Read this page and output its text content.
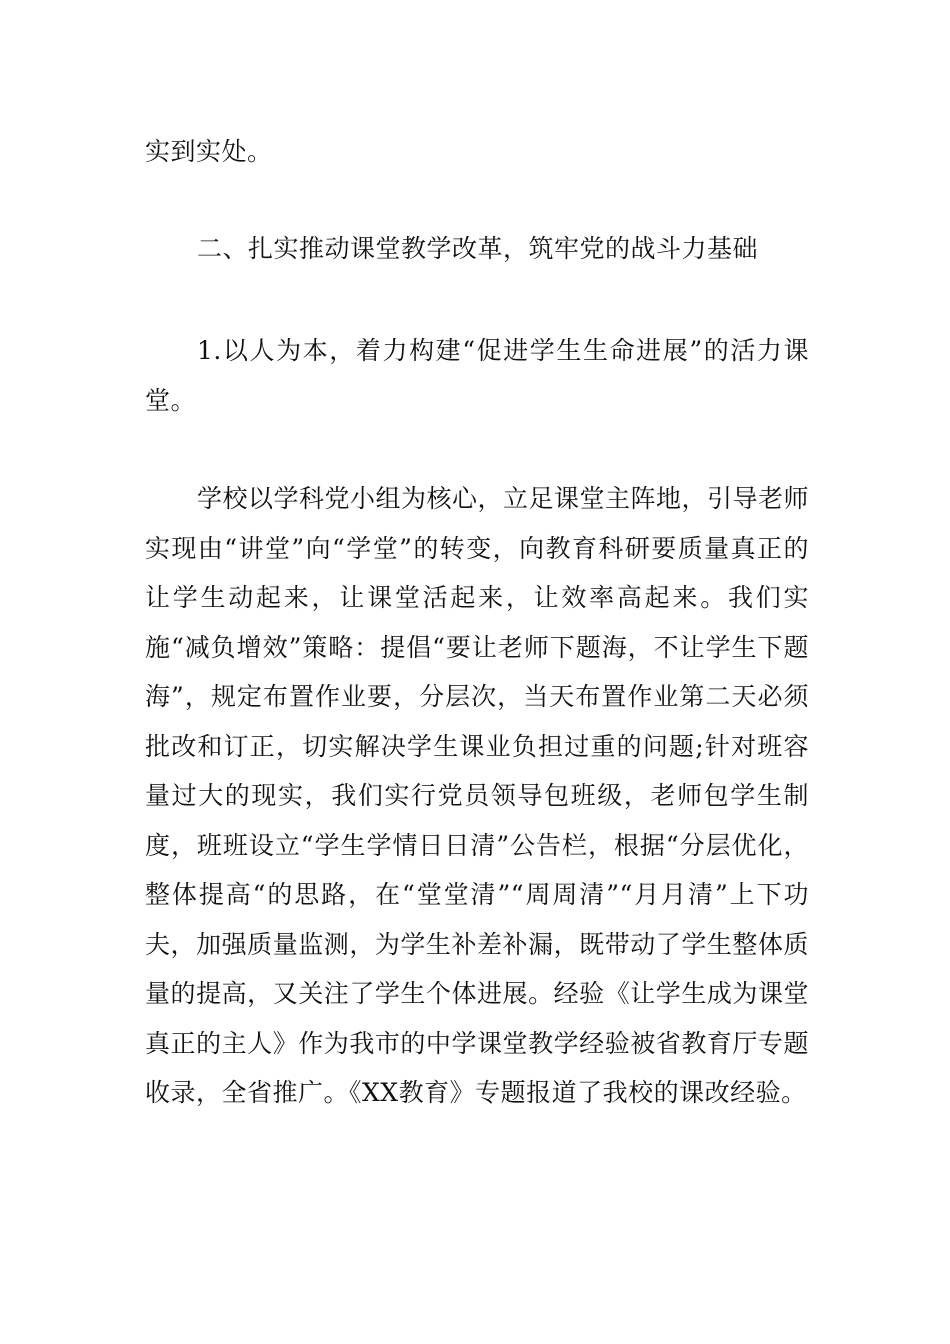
实到实处。

二、扎实推动课堂教学改革，筑牢党的战斗力基础

1.以人为本，着力构建“促进学生生命进展”的活力课堂。

学校以学科党小组为核心，立足课堂主阵地，引导老师实现由“讲堂”向“学堂”的转变，向教育科研要质量真正的让学生动起来，让课堂活起来，让效率高起来。我们实施“减负增效”策略：提倡“要让老师下题海，不让学生下题海”，规定布置作业要，分层次，当天布置作业第二天必须批改和订正，切实解决学生课业负担过重的问题;针对班容量过大的现实，我们实行党员领导包班级，老师包学生制度，班班设立“学生学情日日清”公告栏，根据“分层优化，整体提高“的思路，在“堂堂清”“周周清”“月月清”上下功夫，加强质量监测，为学生补差补漏，既带动了学生整体质量的提高，又关注了学生个体进展。经验《让学生成为课堂真正的主人》作为我市的中学课堂教学经验被省教育厅专题收录，全省推广。《XX教育》专题报道了我校的课改经验。
